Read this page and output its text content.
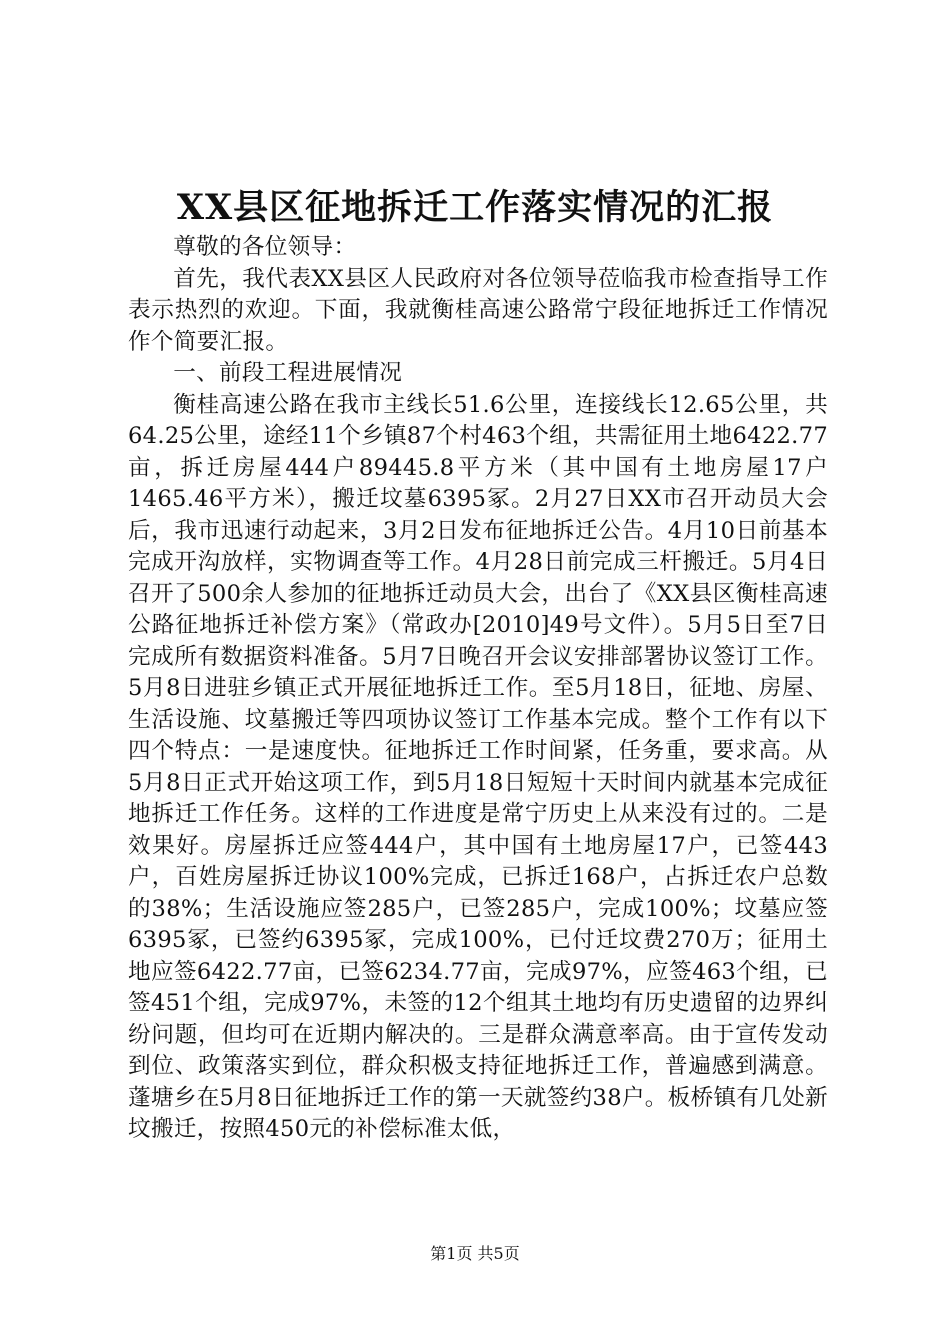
XX县区征地拆迁工作落实情况的汇报

尊敬的各位领导：

首先，我代表XX县区人民政府对各位领导莅临我市检查指导工作表示热烈的欢迎。下面，我就衡桂高速公路常宁段征地拆迁工作情况作个简要汇报。

一、前段工程进展情况

衡桂高速公路在我市主线长51.6公里，连接线长12.65公里，共64.25公里，途经11个乡镇87个村463个组，共需征用土地6422.77亩，拆迁房屋444户89445.8平方米（其中国有土地房屋17户1465.46平方米），搬迁坟墓6395冢。2月27日XX市召开动员大会后，我市迅速行动起来，3月2日发布征地拆迁公告。4月10日前基本完成开沟放样，实物调查等工作。4月28日前完成三杆搬迁。5月4日召开了500余人参加的征地拆迁动员大会，出台了《XX县区衡桂高速公路征地拆迁补偿方案》（常政办[2010]49号文件）。5月5日至7日完成所有数据资料准备。5月7日晚召开会议安排部署协议签订工作。5月8日进驻乡镇正式开展征地拆迁工作。至5月18日，征地、房屋、生活设施、坟墓搬迁等四项协议签订工作基本完成。整个工作有以下四个特点：一是速度快。征地拆迁工作时间紧，任务重，要求高。从5月8日正式开始这项工作，到5月18日短短十天时间内就基本完成征地拆迁工作任务。这样的工作进度是常宁历史上从来没有过的。二是效果好。房屋拆迁应签444户，其中国有土地房屋17户，已签443户，百姓房屋拆迁协议100%完成，已拆迁168户，占拆迁农户总数的38%；生活设施应签285户，已签285户，完成100%；坟墓应签6395冢，已签约6395冢，完成100%，已付迁坟费270万；征用土地应签6422.77亩，已签6234.77亩，完成97%，应签463个组，已签451个组，完成97%，未签的12个组其土地均有历史遗留的边界纠纷问题，但均可在近期内解决的。三是群众满意率高。由于宣传发动到位、政策落实到位，群众积极支持征地拆迁工作，普遍感到满意。蓬塘乡在5月8日征地拆迁工作的第一天就签约38户。板桥镇有几处新坟搬迁，按照450元的补偿标准太低，

第1页 共5页
